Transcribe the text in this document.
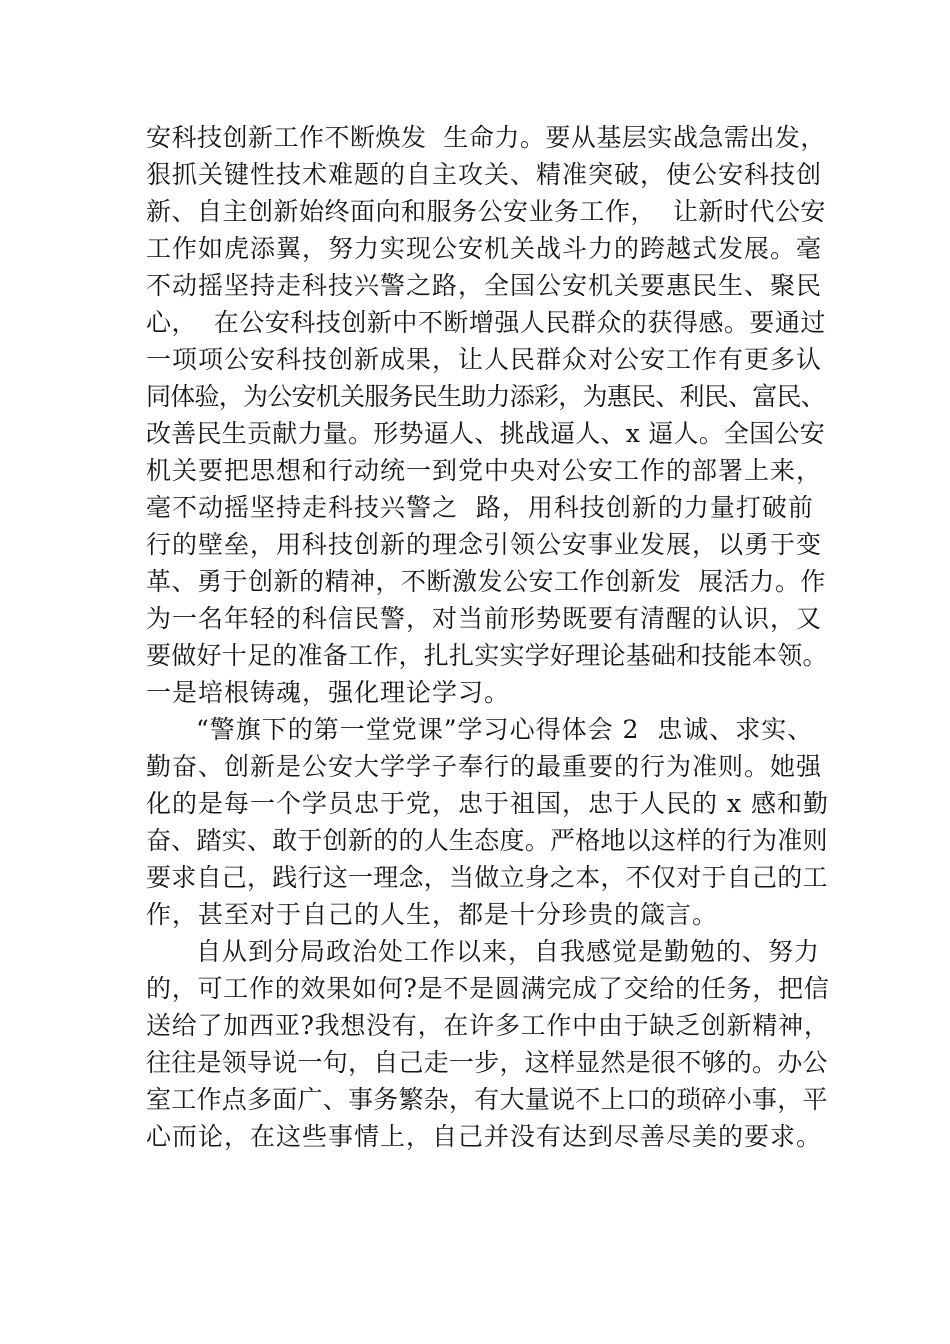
安科技创新工作不断焕发  生命力。要从基层实战急需出发，
狠抓关键性技术难题的自主攻关、精准突破，使公安科技创
新、自主创新始终面向和服务公安业务工作，  让新时代公安
工作如虎添翼，努力实现公安机关战斗力的跨越式发展。毫
不动摇坚持走科技兴警之路，全国公安机关要惠民生、聚民
心，  在公安科技创新中不断增强人民群众的获得感。要通过
一项项公安科技创新成果，让人民群众对公安工作有更多认
同体验，为公安机关服务民生助力添彩，为惠民、利民、富民、
改善民生贡献力量。形势逼人、挑战逼人、x 逼人。全国公安
机关要把思想和行动统一到党中央对公安工作的部署上来，
毫不动摇坚持走科技兴警之  路，用科技创新的力量打破前
行的壁垒，用科技创新的理念引领公安事业发展，以勇于变
革、勇于创新的精神，不断激发公安工作创新发  展活力。作
为一名年轻的科信民警，对当前形势既要有清醒的认识，又
要做好十足的准备工作，扎扎实实学好理论基础和技能本领。
一是培根铸魂，强化理论学习。
“警旗下的第一堂党课”学习心得体会 2  忠诚、求实、
勤奋、创新是公安大学学子奉行的最重要的行为准则。她强
化的是每一个学员忠于党，忠于祖国，忠于人民的 x 感和勤
奋、踏实、敢于创新的的人生态度。严格地以这样的行为准则
要求自己，践行这一理念，当做立身之本，不仅对于自己的工
作，甚至对于自己的人生，都是十分珍贵的箴言。
自从到分局政治处工作以来，自我感觉是勤勉的、努力
的，可工作的效果如何?是不是圆满完成了交给的任务，把信
送给了加西亚?我想没有，在许多工作中由于缺乏创新精神，
往往是领导说一句，自己走一步，这样显然是很不够的。办公
室工作点多面广、事务繁杂，有大量说不上口的琐碎小事，平
心而论，在这些事情上，自己并没有达到尽善尽美的要求。
